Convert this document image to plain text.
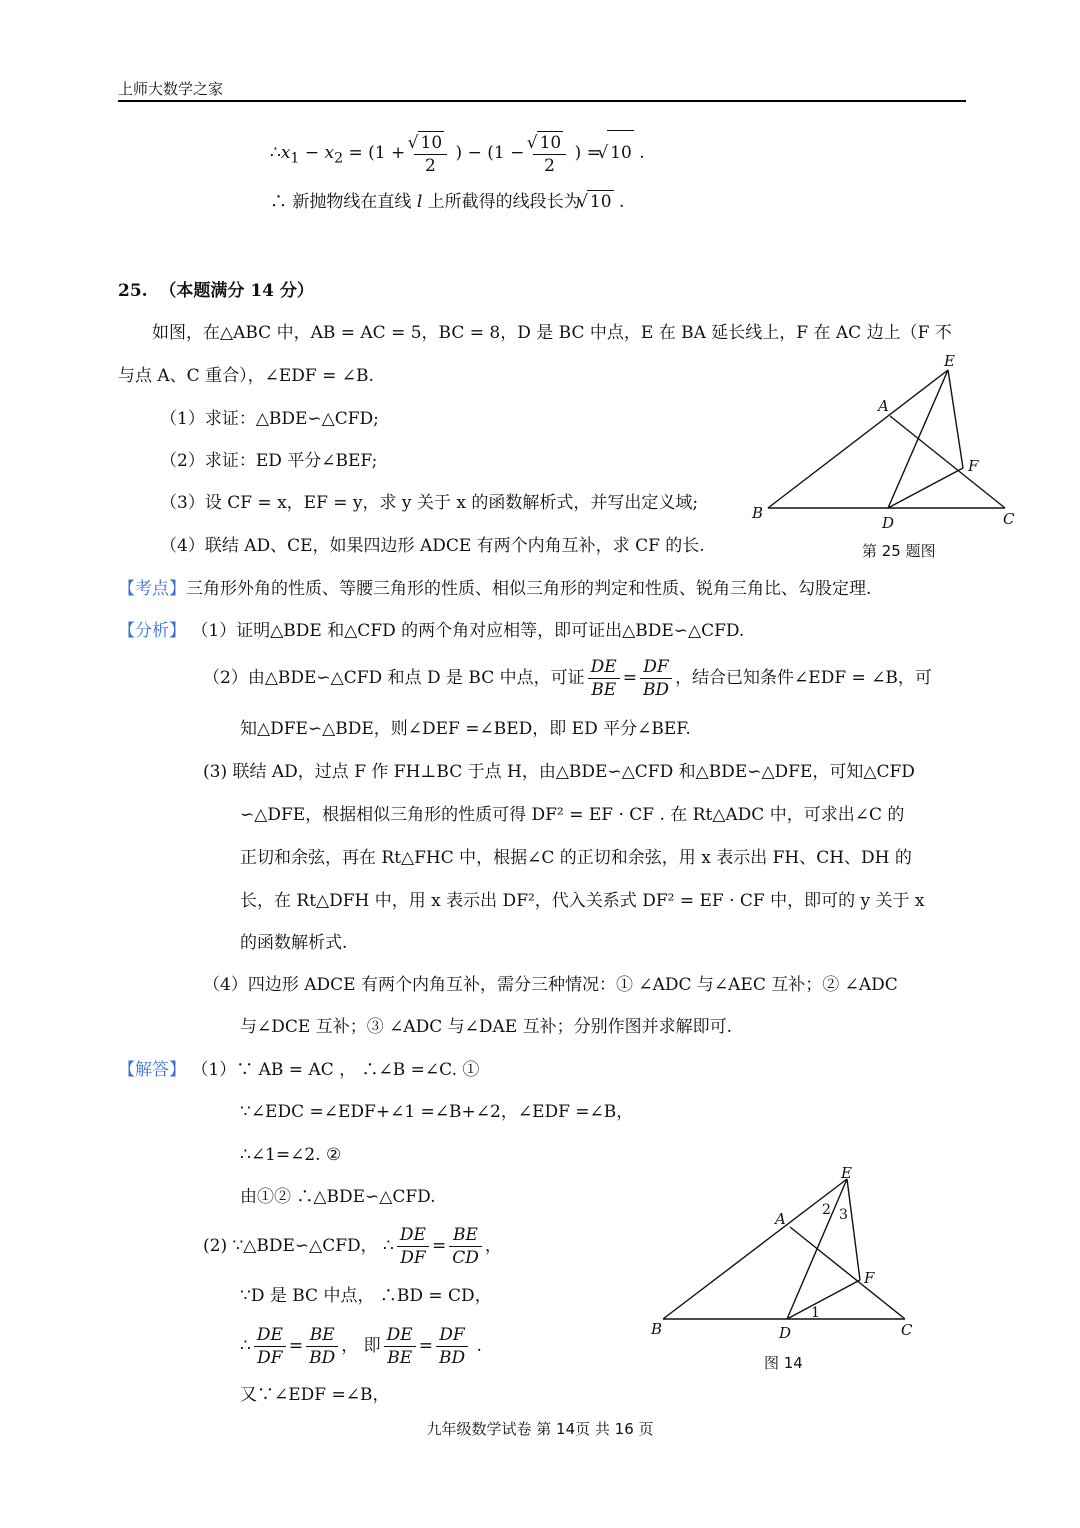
上师大数学之家
$\therefore x_1 - x_2 = (1$ + √ $\frac{10}{2}$ ) − (1 − √ $\frac{10}{2}$ ) = √ 10 .
∴ 新抛物线在直线 l 上所截得的线段长为 √ 10 .
25. （本题满分 14 分）
如图，在△ABC 中，AB = AC = 5，BC = 8，D 是 BC 中点，E 在 BA 延长线上，F 在 AC 边上（F 不
与点 A、C 重合），∠EDF = ∠B.
（1）求证：△BDE∽△CFD;
（2）求证：ED 平分∠BEF;
（3）设 CF = x，EF = y，求 y 关于 x 的函数解析式，并写出定义域;
（4）联结 AD、CE，如果四边形 ADCE 有两个内角互补，求 CF 的长.
E
A
F
B
D	C
第 25 题图
【考点】三角形外角的性质、等腰三角形的性质、相似三角形的判定和性质、锐角三角比、勾股定理.
【分析】 （1）证明△BDE 和△CFD 的两个角对应相等，即可证出△BDE∽△CFD.
（2）由△BDE∽△CFD 和点 D 是 BC 中点，可证 $\frac{DE}{BE} = \frac{DF}{BD}$ ，结合已知条件∠EDF = ∠B，可
知△DFE∽△BDE，则∠DEF =∠BED，即 ED 平分∠BEF.
(3) 联结 AD，过点 F 作 FH⊥BC 于点 H，由△BDE∽△CFD 和△BDE∽△DFE，可知△CFD
∽△DFE，根据相似三角形的性质可得 DF² = EF · CF . 在 Rt△ADC 中，可求出∠C 的
正切和余弦，再在 Rt△FHC 中，根据∠C 的正切和余弦，用 x 表示出 FH、CH、DH 的
长，在 Rt△DFH 中，用 x 表示出 DF²，代入关系式 DF² = EF · CF 中，即可的 y 关于 x
的函数解析式.
（4）四边形 ADCE 有两个内角互补，需分三种情况：① ∠ADC 与∠AEC 互补；② ∠ADC
与∠DCE 互补；③ ∠ADC 与∠DAE 互补；分别作图并求解即可.
【解答】 （1）∵ AB = AC ， ∴∠B =∠C. ①
∵∠EDC =∠EDF+∠1 =∠B+∠2，∠EDF =∠B，
∴∠1=∠2. ②
由①② ∴△BDE∽△CFD.
(2) ∵△BDE∽△CFD， ∴ $\frac{DE}{DF} = \frac{BE}{CD}$ ，
∵D 是 BC 中点， ∴BD = CD，
∴ $\frac{DE}{DF} = \frac{BE}{BD}$ ， 即 $\frac{DE}{BE} = \frac{DF}{BD}$ .
又∵∠EDF =∠B，
E
A
F
B	D	C
2 3
1
图 14
九年级数学试卷 第 14页 共 16 页
